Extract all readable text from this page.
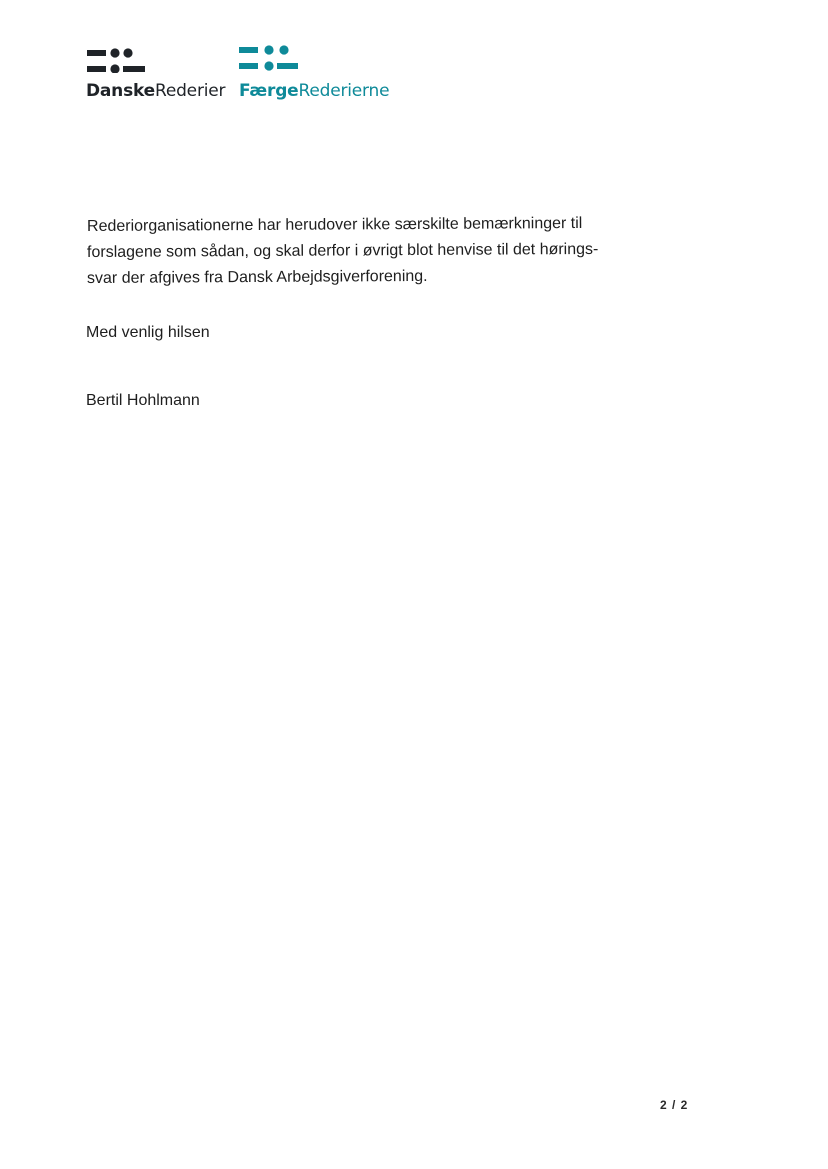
DanskeRederier FærgeRederierne
Rederiorganisationerne har herudover ikke særskilte bemærkninger til
forslagene som sådan, og skal derfor i øvrigt blot henvise til det hørings-
svar der afgives fra Dansk Arbejdsgiverforening.
Med venlig hilsen
Bertil Hohlmann
2 / 2
